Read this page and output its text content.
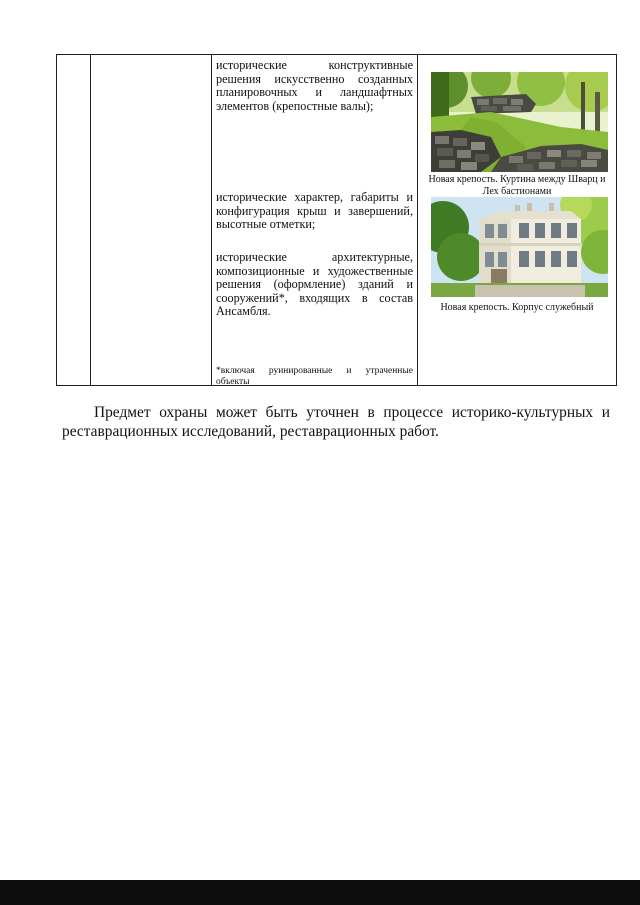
исторические конструктивные решения искусственно созданных планировочных и ландшафтных элементов (крепостные валы);

исторические характер, габариты и конфигурация крыш и завершений, высотные отметки;

исторические архитектурные, композиционные и художественные решения (оформление) зданий и сооружений*, входящих в состав Ансамбля.

*включая руинированные и утраченные объекты

Новая крепость. Куртина между Шварц и Лех бастионами

Новая крепость. Корпус служебный

Предмет охраны может быть уточнен в процессе историко-культурных и реставрационных исследований, реставрационных работ.
